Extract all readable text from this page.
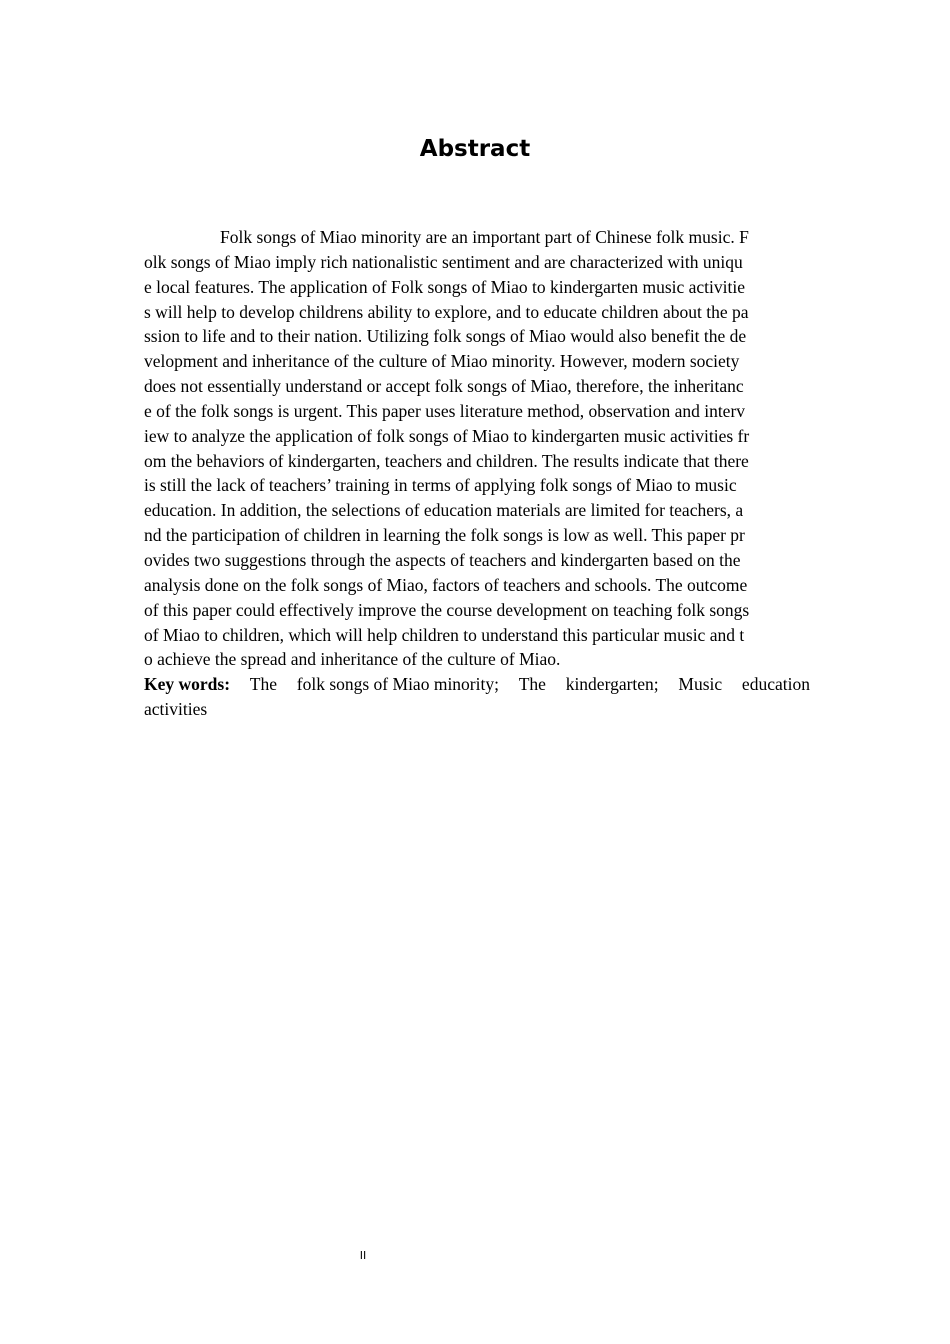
Abstract
Folk songs of Miao minority are an important part of Chinese folk music. F
olk songs of Miao imply rich nationalistic sentiment and are characterized with uniqu
e local features. The application of Folk songs of Miao to kindergarten music activitie
s will help to develop childrens ability to explore, and to educate children about the pa
ssion to life and to their nation. Utilizing folk songs of Miao would also benefit the de
velopment and inheritance of the culture of Miao minority. However, modern society
does not essentially understand or accept folk songs of Miao, therefore, the inheritanc
e of the folk songs is urgent. This paper uses literature method, observation and interv
iew to analyze the application of folk songs of Miao to kindergarten music activities fr
om the behaviors of kindergarten, teachers and children. The results indicate that there
is still the lack of teachers’ training in terms of applying folk songs of Miao to music
education. In addition, the selections of education materials are limited for teachers, a
nd the participation of children in learning the folk songs is low as well. This paper pr
ovides two suggestions through the aspects of teachers and kindergarten based on the
analysis done on the folk songs of Miao, factors of teachers and schools. The outcome
of this paper could effectively improve the course development on teaching folk songs
of Miao to children, which will help children to understand this particular music and t
o achieve the spread and inheritance of the culture of Miao.
Key words: The folk songs of Miao minority; The kindergarten; Music education
activities
II
